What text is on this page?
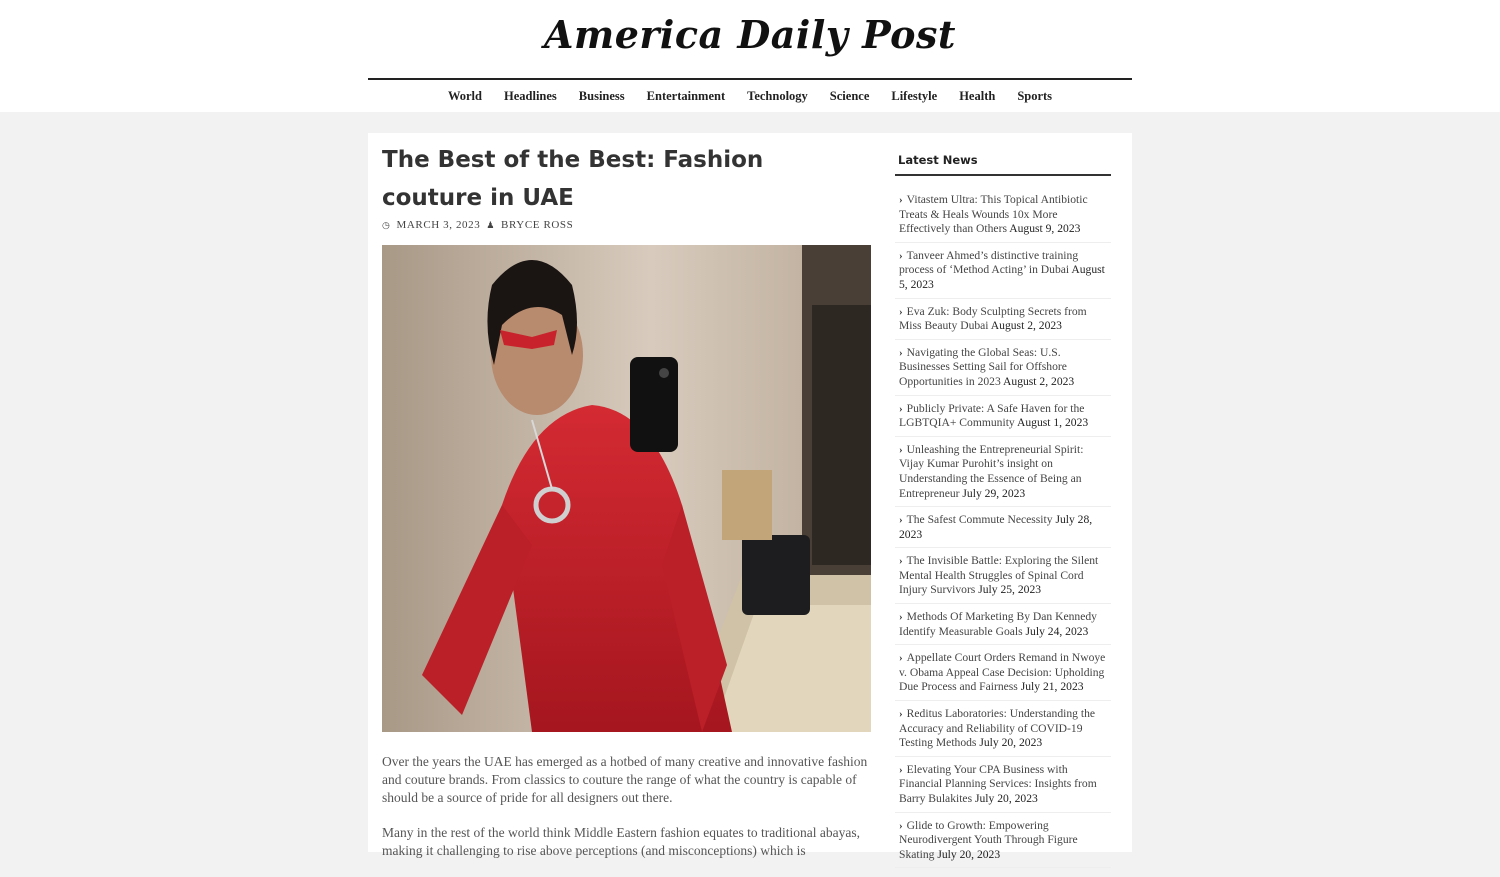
America Daily Post
World	Headlines	Business	Entertainment	Technology	Science	Lifestyle	Health	Sports
The Best of the Best: Fashion couture in UAE
◷ MARCH 3, 2023 ♟ BRYCE ROSS

Over the years the UAE has emerged as a hotbed of many creative and innovative fashion and couture brands. From classics to couture the range of what the country is capable of should be a source of pride for all designers out there.

Many in the rest of the world think Middle Eastern fashion equates to traditional abayas, making it challenging to rise above perceptions (and misconceptions) which is

Latest News
› Vitastem Ultra: This Topical Antibiotic Treats & Heals Wounds 10x More Effectively than Others August 9, 2023
› Tanveer Ahmed’s distinctive training process of ‘Method Acting’ in Dubai August 5, 2023
› Eva Zuk: Body Sculpting Secrets from Miss Beauty Dubai August 2, 2023
› Navigating the Global Seas: U.S. Businesses Setting Sail for Offshore Opportunities in 2023 August 2, 2023
› Publicly Private: A Safe Haven for the LGBTQIA+ Community August 1, 2023
› Unleashing the Entrepreneurial Spirit: Vijay Kumar Purohit’s insight on Understanding the Essence of Being an Entrepreneur July 29, 2023
› The Safest Commute Necessity July 28, 2023
› The Invisible Battle: Exploring the Silent Mental Health Struggles of Spinal Cord Injury Survivors July 25, 2023
› Methods Of Marketing By Dan Kennedy Identify Measurable Goals July 24, 2023
› Appellate Court Orders Remand in Nwoye v. Obama Appeal Case Decision: Upholding Due Process and Fairness July 21, 2023
› Reditus Laboratories: Understanding the Accuracy and Reliability of COVID-19 Testing Methods July 20, 2023
› Elevating Your CPA Business with Financial Planning Services: Insights from Barry Bulakites July 20, 2023
› Glide to Growth: Empowering Neurodivergent Youth Through Figure Skating July 20, 2023
